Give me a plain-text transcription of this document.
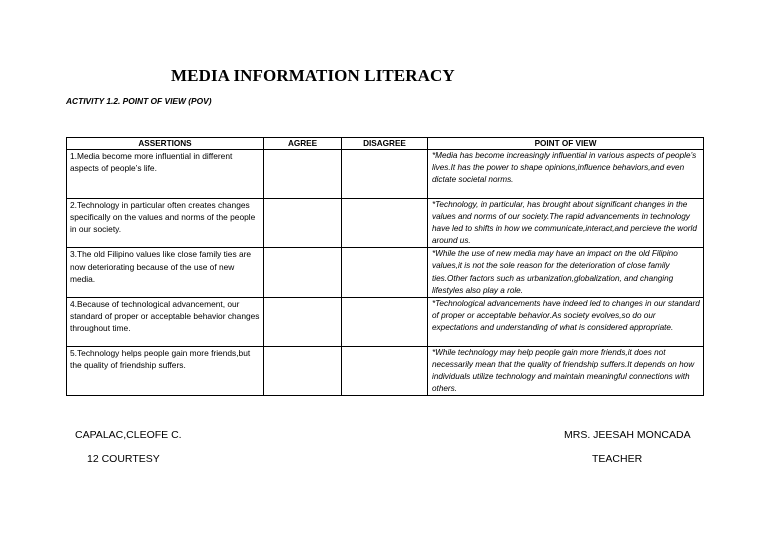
MEDIA INFORMATION LITERACY
ACTIVITY 1.2. POINT OF VIEW (POV)
ASSERTIONS	AGREE	DISAGREE	POINT OF VIEW
1.Media become more influential in different aspects of people’s life.			*Media has become increasingly influential in various aspects of people’s lives.It has the power to shape opinions,influence behaviors,and even dictate societal norms.
2.Technology in particular often creates changes specifically on the values and norms of the people in our society.			*Technology, in particular, has brought about significant changes in the values and norms of our society.The rapid advancements in technology have led to shifts in how we communicate,interact,and percieve the world around us.
3.The old Filipino values like close family ties are now deteriorating because of the use of new media.			*While the use of new media may have an impact on the old Filipino values,it is not the sole reason for the deterioration of close family ties.Other factors such as urbanization,globalization, and changing lifestyles also play a role.
4.Because of technological advancement, our standard of proper or acceptable behavior changes throughout time.			*Technological advancements have indeed led to changes in our standard of proper or acceptable behavior.As society evolves,so do our expectations and understanding of what is considered appropriate.
5.Technology helps people gain more friends,but the quality of friendship suffers.			*While technology may help people gain more friends,it does not necessarily mean that the quality of friendship suffers.It depends on how individuals utilize technology and maintain meaningful connections with others.
CAPALAC,CLEOFE C.
12 COURTESY
MRS. JEESAH MONCADA
TEACHER
